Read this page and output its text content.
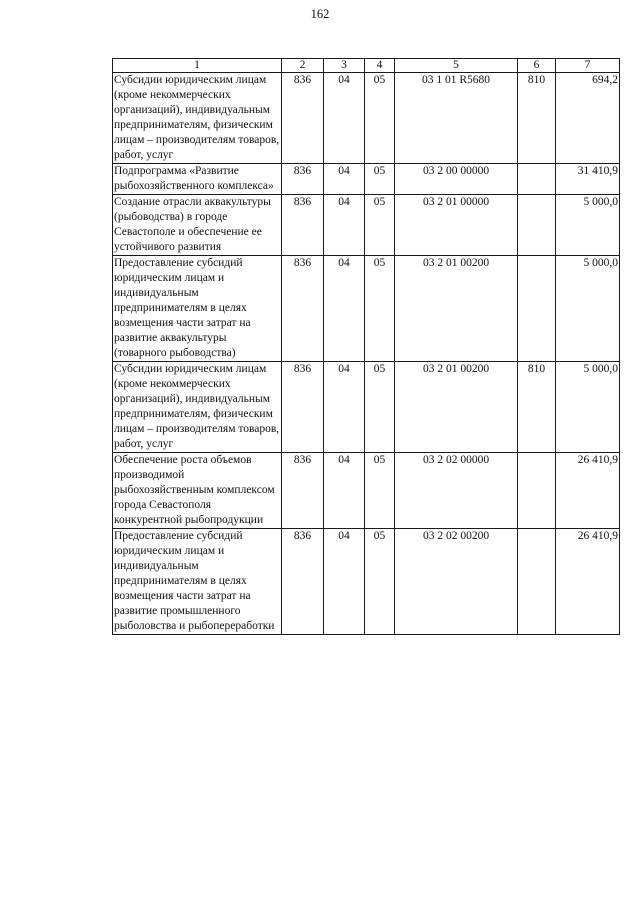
162
1	2	3	4	5	6	7
Субсидии юридическим лицам (кроме некоммерческих организаций), индивидуальным предпринимателям, физическим лицам – производителям товаров, работ, услуг	836	04	05	03 1 01 R5680	810	694,2
Подпрограмма «Развитие рыбохозяйственного комплекса»	836	04	05	03 2 00 00000		31 410,9
Создание отрасли аквакультуры (рыбоводства) в городе Севастополе и обеспечение ее устойчивого развития	836	04	05	03 2 01 00000		5 000,0
Предоставление субсидий юридическим лицам и индивидуальным предпринимателям в целях возмещения части затрат на развитие аквакультуры (товарного рыбоводства)	836	04	05	03 2 01 00200		5 000,0
Субсидии юридическим лицам (кроме некоммерческих организаций), индивидуальным предпринимателям, физическим лицам – производителям товаров, работ, услуг	836	04	05	03 2 01 00200	810	5 000,0
Обеспечение роста объемов производимой рыбохозяйственным комплексом города Севастополя конкурентной рыбопродукции	836	04	05	03 2 02 00000		26 410,9
Предоставление субсидий юридическим лицам и индивидуальным предпринимателям в целях возмещения части затрат на развитие промышленного рыболовства и рыбопереработки	836	04	05	03 2 02 00200		26 410,9
